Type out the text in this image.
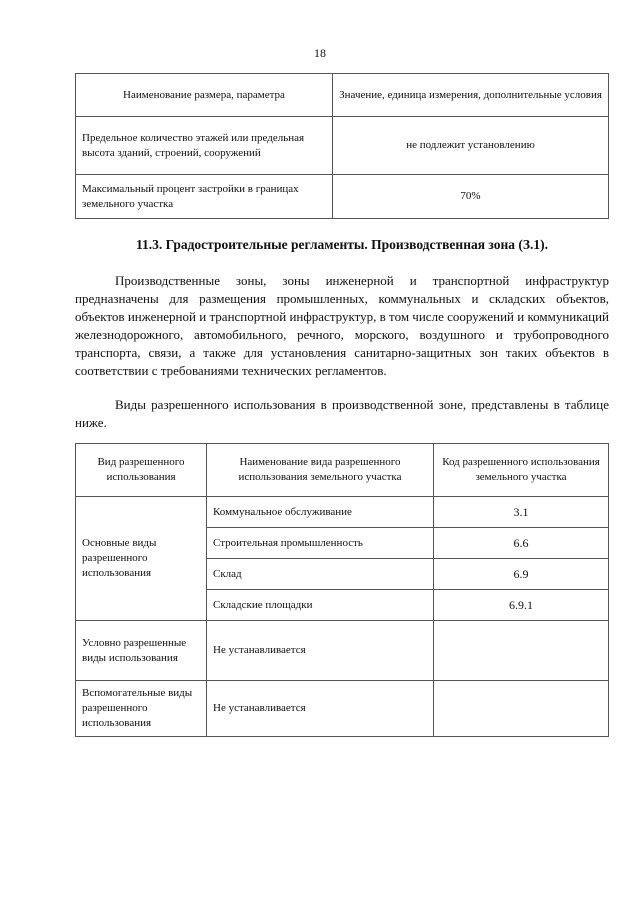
18
Наименование размера, параметра	Значение, единица измерения, дополнительные условия
Предельное количество этажей или предельная высота зданий, строений, сооружений	не подлежит установлению
Максимальный процент застройки в границах земельного участка	70%
11.3. Градостроительные регламенты. Производственная зона (З.1).
Производственные зоны, зоны инженерной и транспортной инфраструктур предназначены для размещения промышленных, коммунальных и складских объектов, объектов инженерной и транспортной инфраструктур, в том числе сооружений и коммуникаций железнодорожного, автомобильного, речного, морского, воздушного и трубопроводного транспорта, связи, а также для установления санитарно-защитных зон таких объектов в соответствии с требованиями технических регламентов.
Виды разрешенного использования в производственной зоне, представлены в таблице ниже.
Вид разрешенного использования	Наименование вида разрешенного использования земельного участка	Код разрешенного использования земельного участка
Основные виды разрешенного использования	Коммунальное обслуживание	3.1
	Строительная промышленность	6.6
	Склад	6.9
	Складские площадки	6.9.1
Условно разрешенные виды использования	Не устанавливается	
Вспомогательные виды разрешенного использования	Не устанавливается	
